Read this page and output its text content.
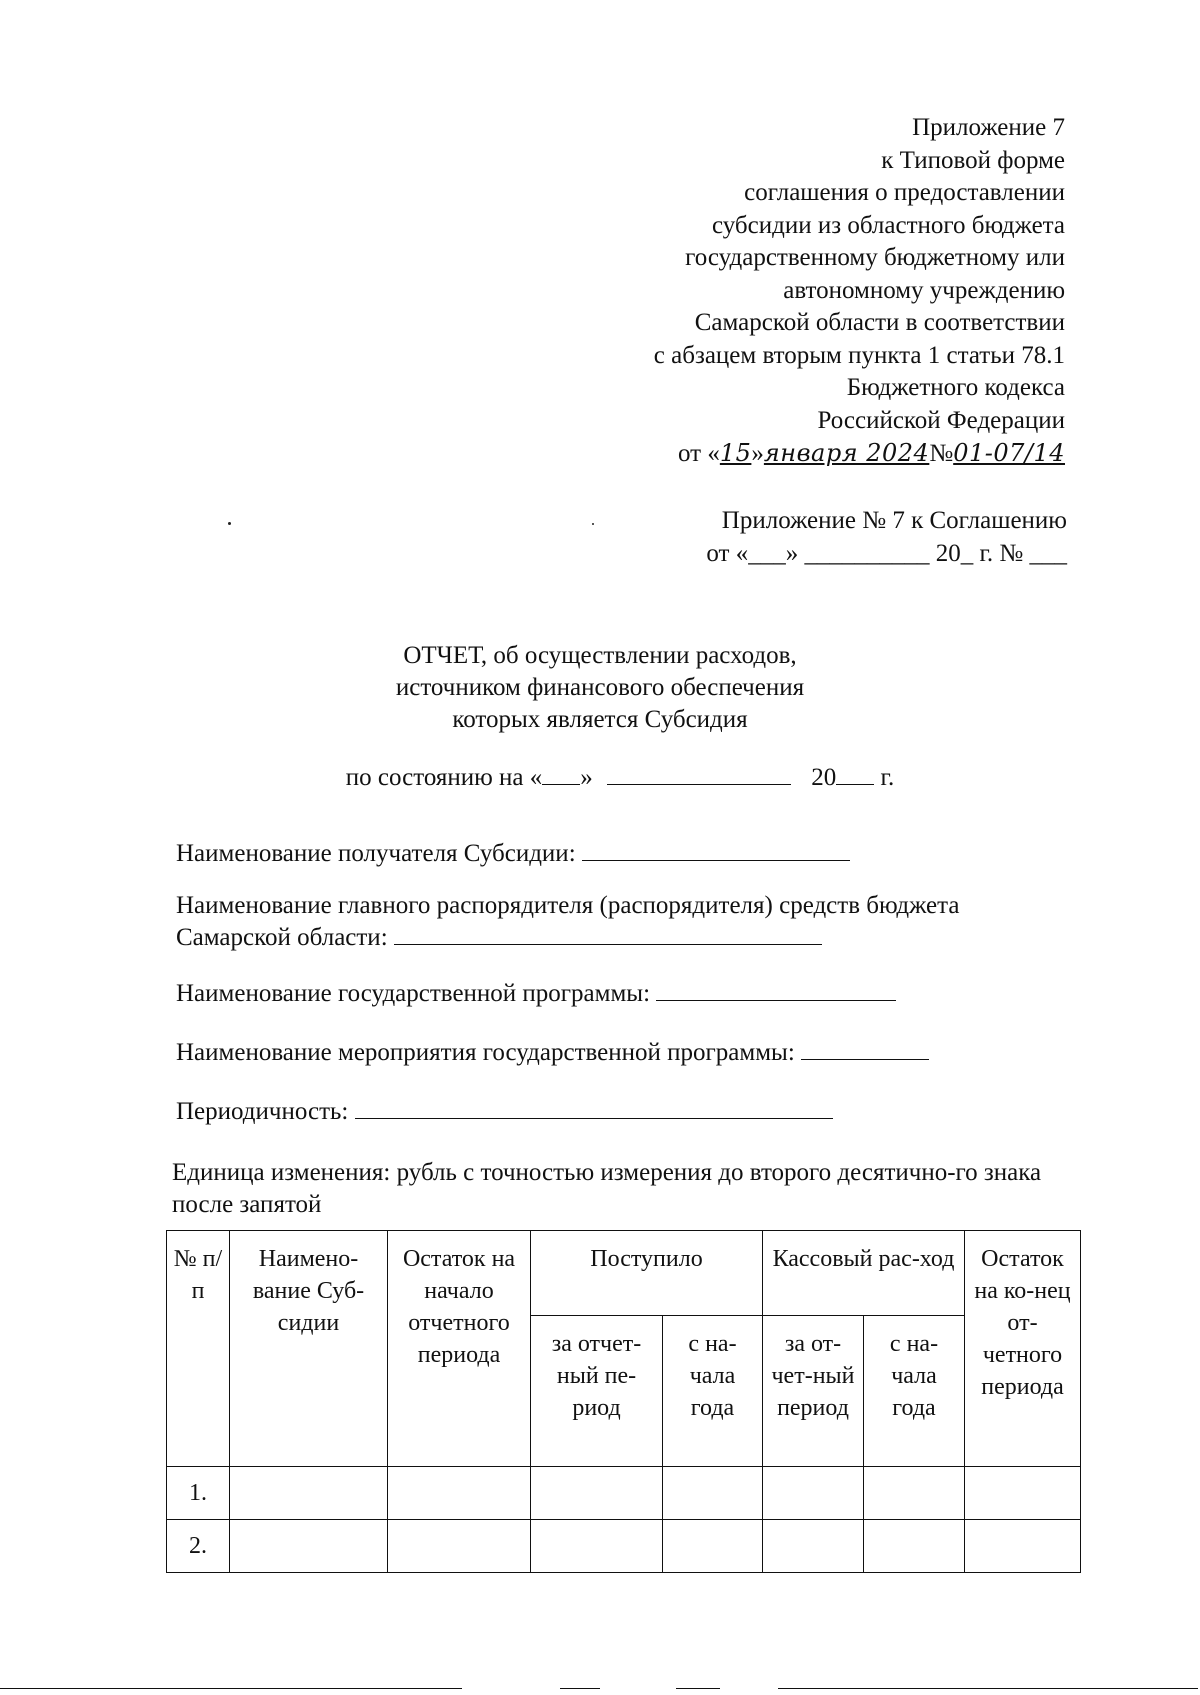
Приложение 7
к Типовой форме
соглашения о предоставлении
субсидии из областного бюджета
государственному бюджетному или
автономному учреждению
Самарской области в соответствии
с абзацем вторым пункта 1 статьи 78.1
Бюджетного кодекса
Российской Федерации
от «15»января 2024№01-07/14
Приложение № 7 к Соглашению
от «___» __________ 20_ г. № ___
ОТЧЕТ, об осуществлении расходов,
источником финансового обеспечения
которых является Субсидия
по состоянию на « »	20 г.
Наименование получателя Субсидии:
Наименование главного распорядителя (распорядителя) средств бюджета
Самарской области:
Наименование государственной программы:
Наименование мероприятия государственной программы:
Периодичность:
Единица изменения: рубль с точностью измерения до второго десятично-го знака после запятой
№ п/п	Наимено-вание Суб-сидии	Остаток на начало отчетного периода	Поступило		Кассовый рас-ход		Остаток на ко-нец от-четного периода
			за отчет-ный пе-риод	с на-чала года	за от-чет-ный период	с на-чала года	
1.							
2.							
